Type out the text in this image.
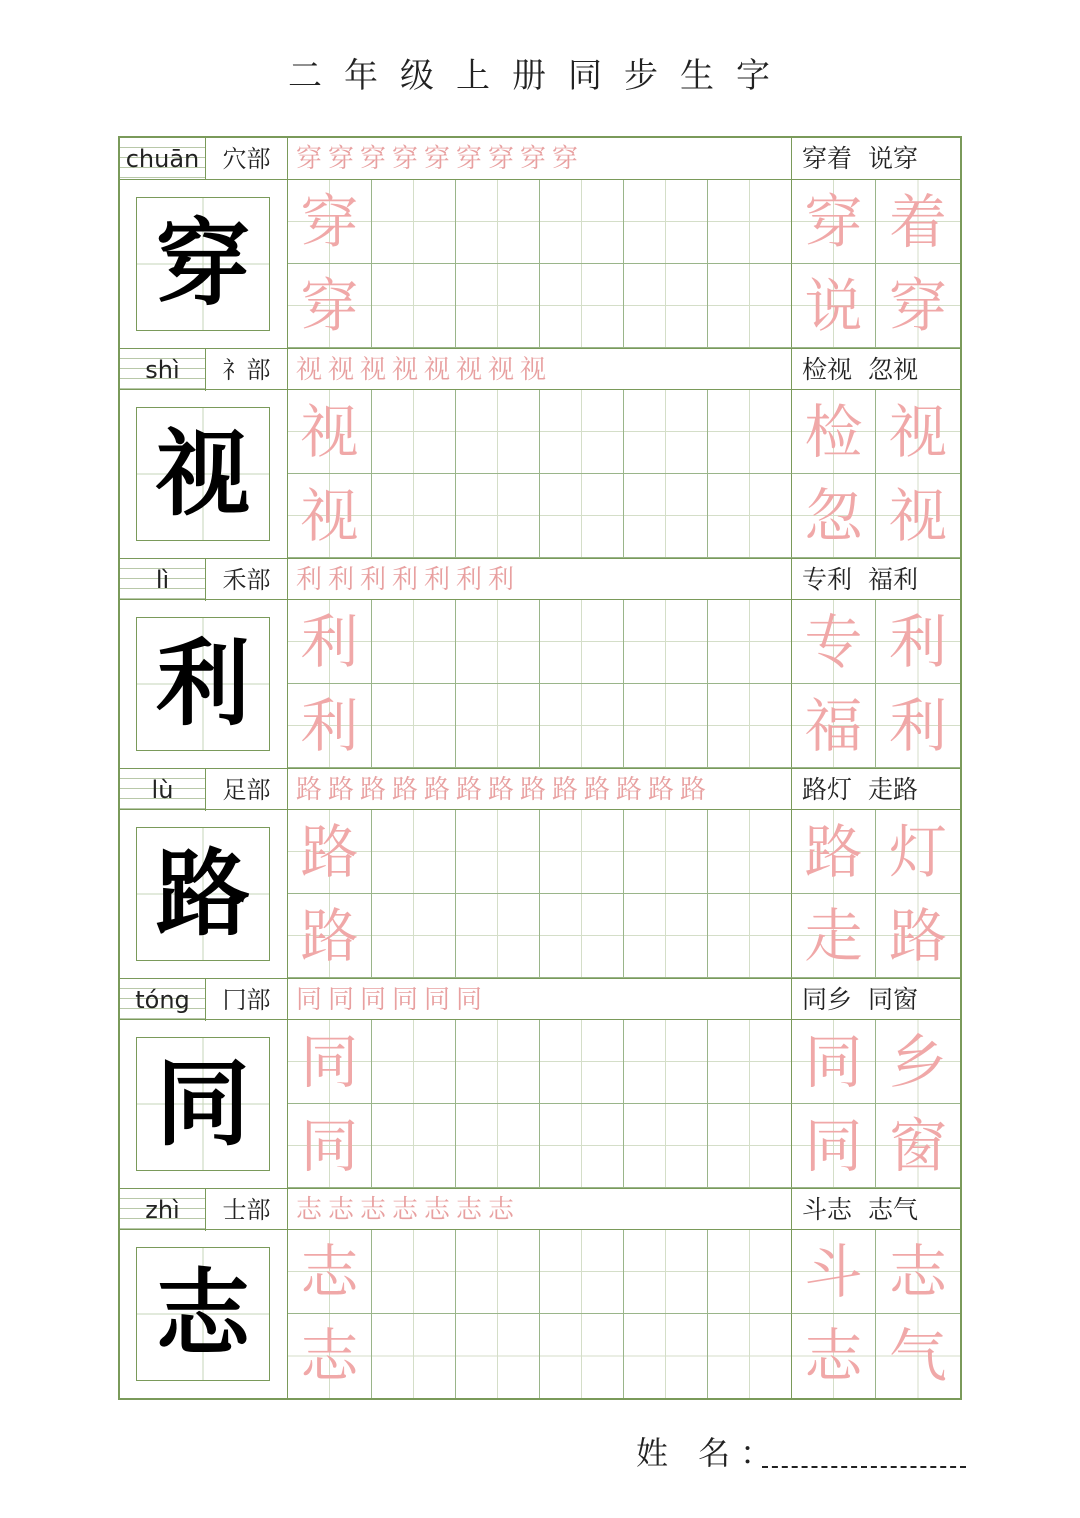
二年级上册同步生字
chuān 穴部 穿穿穿穿穿穿穿穿穿	穿着 说穿
穿 穿	穿 着
穿	说 穿
shì	礻部 视视视视视视视视	检视 忽视
视 视	检 视
视	忽 视
lì	禾部 利利利利利利利	专利 福利
利 利	专 利
利	福 利
lù	足部 路路路路路路路路路路路路路	路灯 走路
路 路	路 灯
路	走 路
tóng	冂部 同同同同同同	同乡 同窗
同 同	同 乡
同	同 窗
zhì	士部 志志志志志志志	斗志 志气
志 志	斗 志
志	志 气
姓 名：
